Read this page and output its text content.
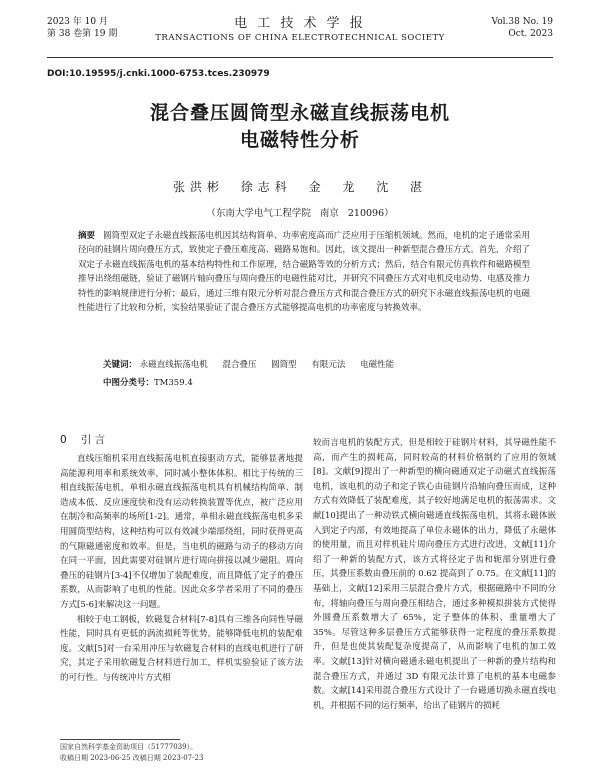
2023 年 10 月
第 38 卷第 19 期
电 工 技 术 学 报
TRANSACTIONS OF CHINA ELECTROTECHNICAL SOCIETY
Vol.38 No. 19
Oct. 2023
DOI:10.19595/j.cnki.1000-6753.tces.230979
混合叠压圆筒型永磁直线振荡电机
电磁特性分析
张洪彬 徐志科 金 龙 沈 湛
（东南大学电气工程学院 南京 210096）
摘要 圆筒型双定子永磁直线振荡电机因其结构简单、功率密度高而广泛应用于压缩机领域。然而，电机的定子通常采用径向的硅钢片周向叠压方式，致使定子叠压难度高、磁路易饱和。因此，该文提出一种新型混合叠压方式。首先，介绍了双定子永磁直线振荡电机的基本结构特性和工作原理，结合磁路等效的分析方式；然后，结合有限元仿真软件和磁路模型推导出绕组磁链，验证了磁钢片轴向叠压与周向叠压的电磁性能对比，并研究不同叠压方式对电机反电动势、电感及推力特性的影响规律进行分析；最后，通过三维有限元分析对混合叠压方式和混合叠压方式的研究下永磁直线振荡电机的电磁性能进行了比较和分析，实验结果验证了混合叠压方式能够提高电机的功率密度与转换效率。
关键词： 永磁直线振荡电机 混合叠压 圆筒型 有限元法 电磁性能
中图分类号：TM359.4
0 引 言

直线压缩机采用直线振荡电机直接驱动方式，能够显著地提高能源利用率和系统效率，同时减小整体体积。相比于传统的三相直线振荡电机，单相永磁直线振荡电机具有机械结构简单、制造成本低、反应速度快和没有运动转换装置等优点，被广泛应用在制冷和高频率的场所[1-2]。通常，单相永磁直线振荡电机多采用圆筒型结构，这种结构可以有效减少端部绕组，同时获得更高的气隙磁通密度和效率。但是，当电机的磁路与动子的移动方向在同一平面，因此需要对硅钢片进行周向拼接以减少磁阻。周向叠压的硅钢片[3-4]不仅增加了装配难度，而且降低了定子的叠压系数，从而影响了电机的性能。因此众多学者采用了不同的叠压方式[5-6]来解决这一问题。

相较于电工钢板，软磁复合材料[7-8]具有三维各向同性导磁性能，同时具有更低的涡流损耗等优势，能够降低电机的装配难度。文献[5]对一台采用冲压与软磁复合材料的直线电机进行了研究，其定子采用软磁复合材料进行加工，样机实验验证了该方法的可行性。与传统冲片方式相

较而言电机的装配方式，但是相较于硅钢片材料，其导磁性能不高，而产生的损耗高，同时较高的材料价格制约了应用的领域[8]。文献[9]提出了一种新型的横向磁通双定子动磁式直线振荡电机，该电机的动子和定子铁心由硅钢片沿轴向叠压而成，这种方式有效降低了装配难度，其子较好地满足电机的振荡需求。文献[10]提出了一种动铁式横向磁通直线振荡电机，其将永磁体嵌入到定子内部，有效地提高了单位永磁体的出力，降低了永磁体的使用量，而且对样机硅片周向叠压方式进行改进，文献[11]介绍了一种新的装配方式，该方式将径定子齿和轭部分别进行叠压，其叠压系数由叠压前的 0.62 提高到了 0.75。在文献[11]的基础上，文献[12]采用三层混合叠片方式，根据磁路中不同的分布，将轴向叠压与周向叠压相结合，通过多种模拟拼装方式使得外圆叠压系数增大了 65%，定子整体的体积、重量增大了 35%。尽管这种多层叠压方式能够获得一定程度的叠压系数提升，但是也使其装配复杂度提高了，从而影响了电机的加工效率。文献[13]针对横向磁通永磁电机提出了一种新的叠片结构和混合叠压方式，并通过 3D 有限元法计算了电机的基本电磁参数。文献[14]采用混合叠压方式设计了一台磁通切换永磁直线电机，并根据不同的运行频率，给出了硅钢片的损耗

国家自然科学基金资助项目（51777039）。
收稿日期 2023-06-25 改稿日期 2023-07-23
